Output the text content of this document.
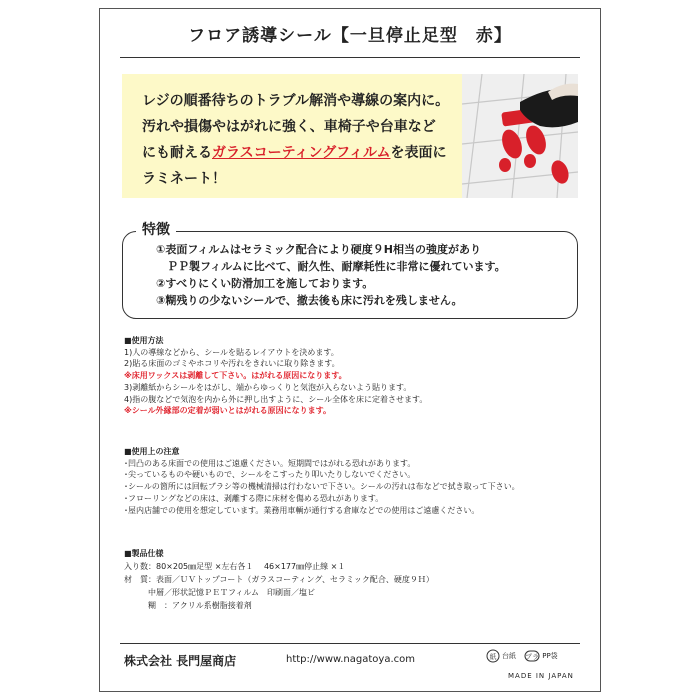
フロア誘導シール【一旦停止足型　赤】
レジの順番待ちのトラブル解消や導線の案内に。
汚れや損傷やはがれに強く、車椅子や台車など
にも耐えるガラスコーティングフィルムを表面に
ラミネート！
特徴
①表面フィルムはセラミック配合により硬度９H相当の強度があり
　ＰＰ製フィルムに比べて、耐久性、耐摩耗性に非常に優れています。
②すべりにくい防滑加工を施しております。
③糊残りの少ないシールで、撤去後も床に汚れを残しません。
■使用方法
1)人の導線などから、シールを貼るレイアウトを決めます。
2)貼る床面のゴミやホコリや汚れをきれいに取り除きます。
※床用ワックスは剥離して下さい。はがれる原因になります。
3)剥離紙からシールをはがし、端からゆっくりと気泡が入らないよう貼ります。
4)指の腹などで気泡を内から外に押し出すように、シール全体を床に定着させます。
※シール外縁部の定着が弱いとはがれる原因になります。
■使用上の注意
･凹凸のある床面での使用はご遠慮ください。短期間ではがれる恐れがあります。
･尖っているものや硬いもので、シールをこすったり叩いたりしないでください。
･シールの箇所には回転ブラシ等の機械清掃は行わないで下さい。シールの汚れは布などで拭き取って下さい。
･フローリングなどの床は、剥離する際に床材を傷める恐れがあります。
･屋内店舗での使用を想定しています。業務用車輌が通行する倉庫などでの使用はご遠慮ください。
■製品仕様
入り数：80×205㎜足型 ×左右各１　 46×177㎜停止線 ×１
材　質：表面／ＵＶトップコート（ガラスコーティング、セラミック配合、硬度９Ｈ）
　　　中層／形状記憶ＰＥＴフィルム　印刷面／塩ビ
　　　糊　：アクリル系樹脂接着剤
株式会社 長門屋商店	http://www.nagatoya.com	紙 台紙
プラ PP袋
MADE IN JAPAN
